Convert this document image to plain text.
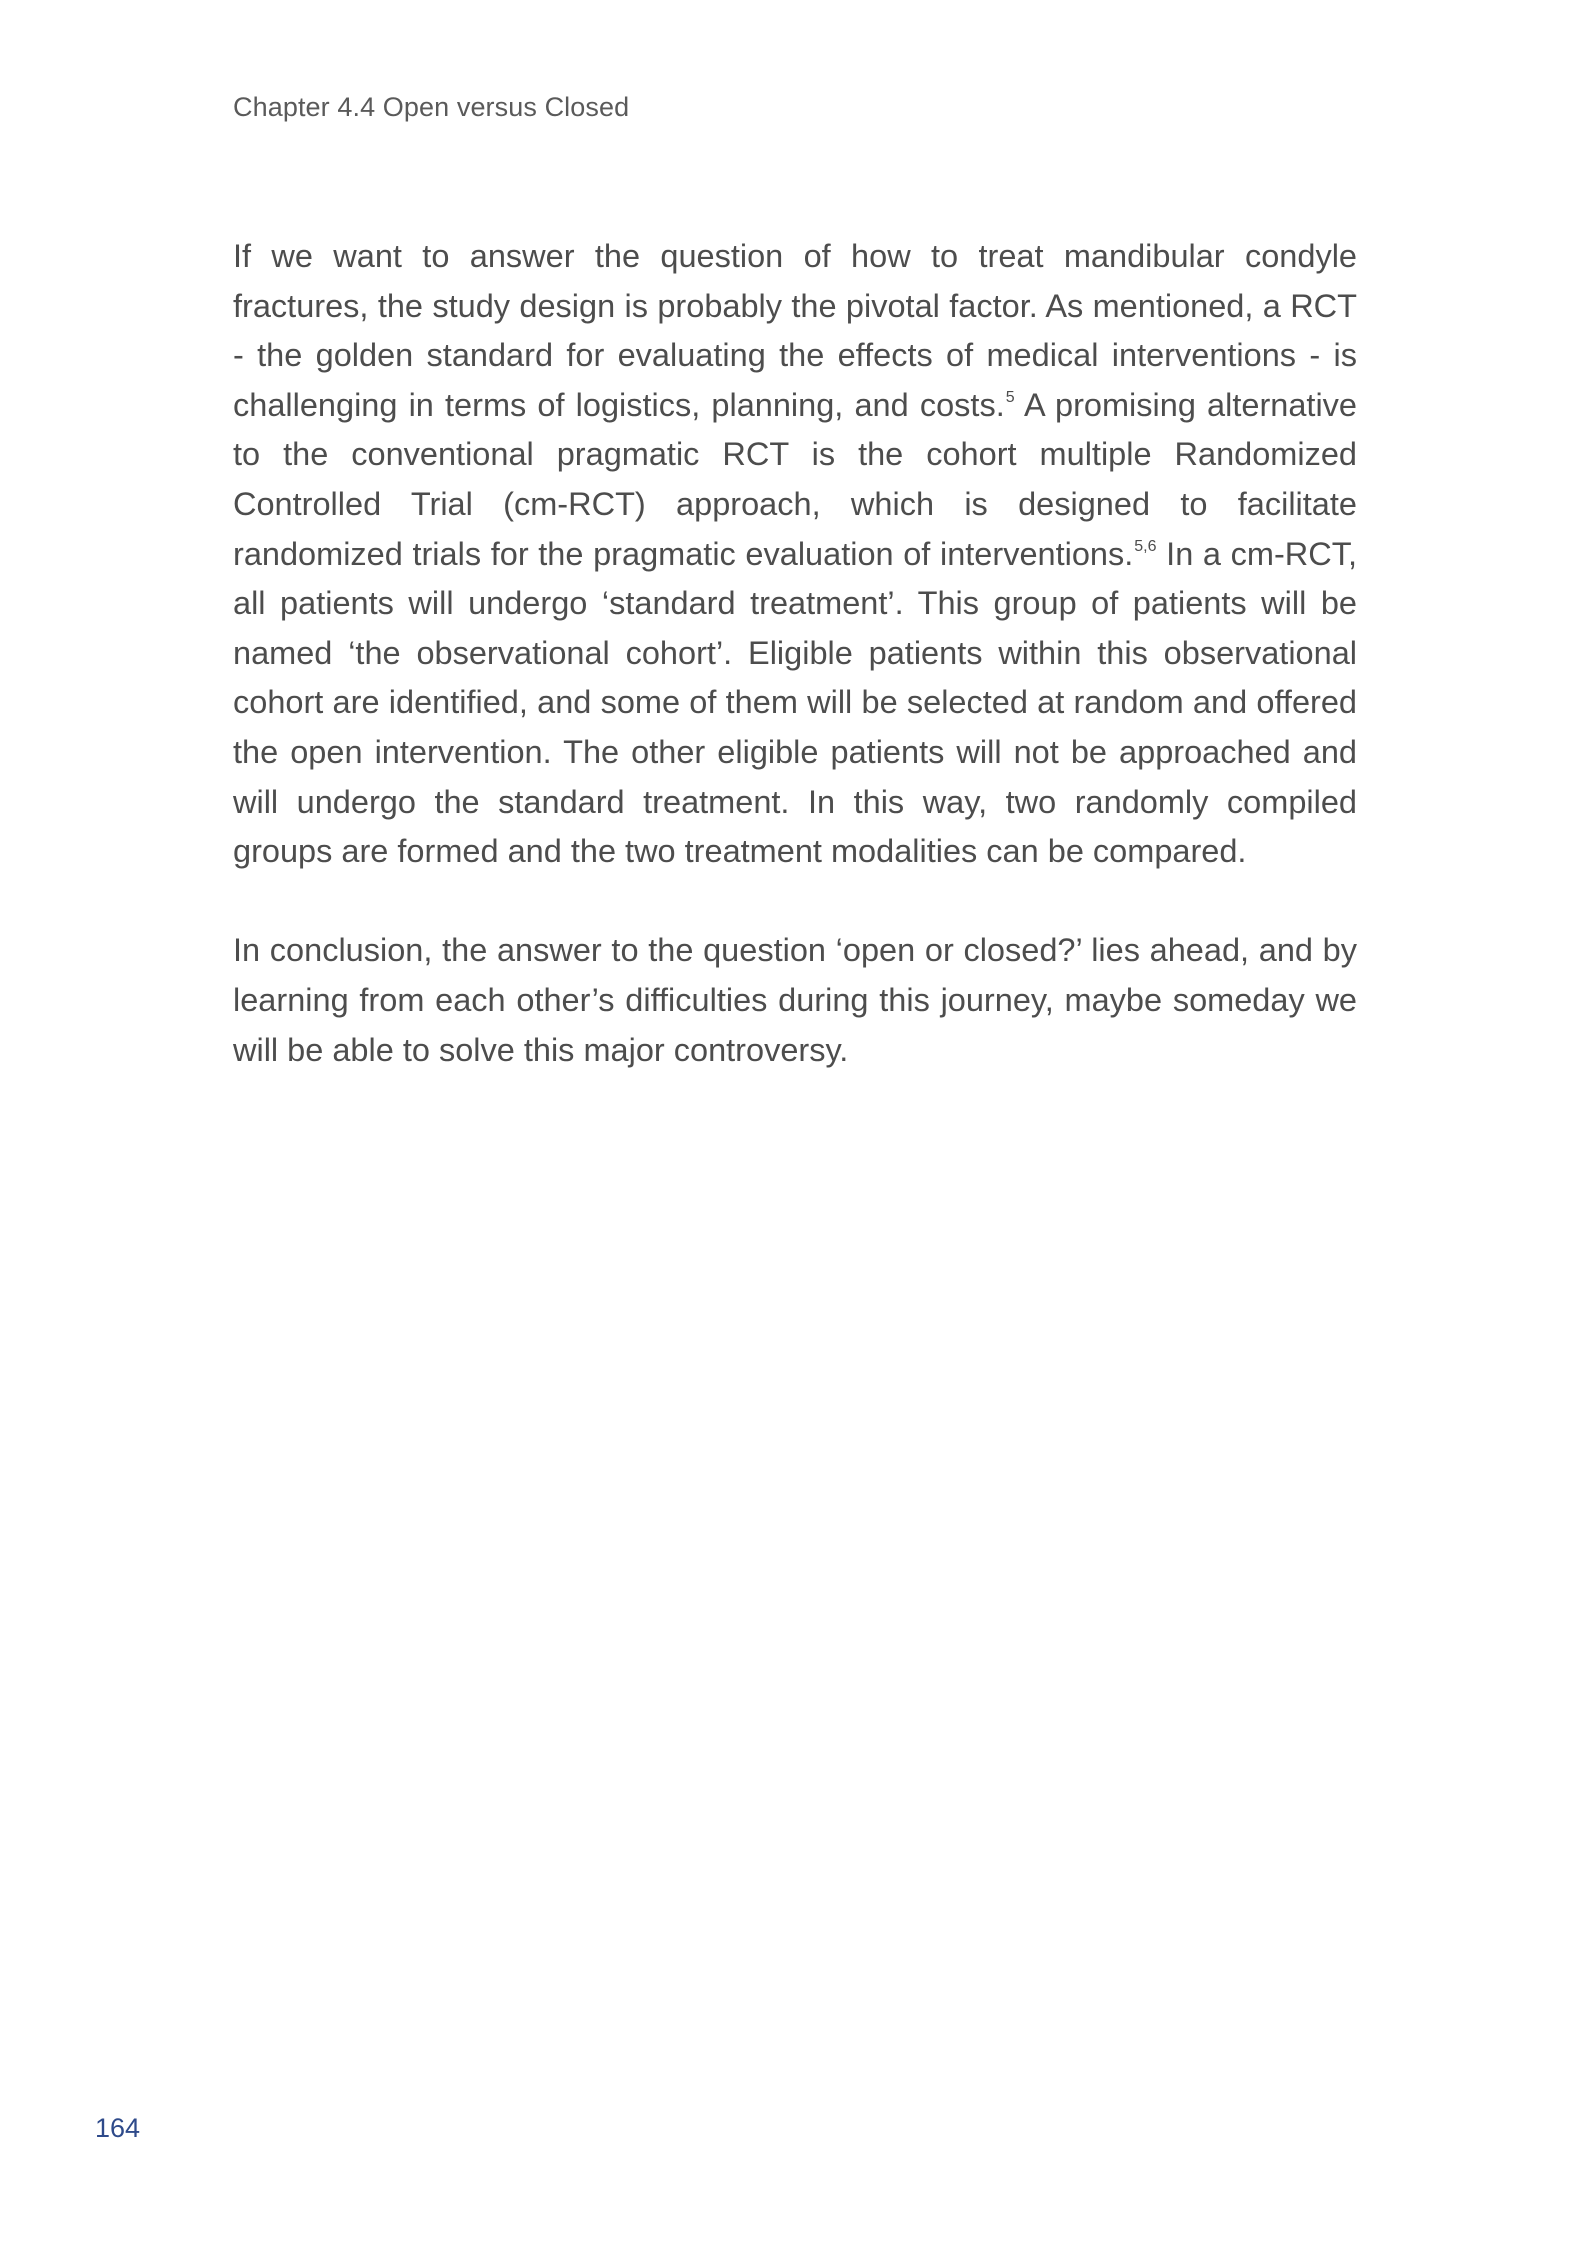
Chapter 4.4 Open versus Closed

If we want to answer the question of how to treat mandibular condyle fractures, the study design is probably the pivotal factor. As mentioned, a RCT - the golden standard for evaluating the effects of medical interventions - is challenging in terms of logistics, planning, and costs.$^5$ A promising alternative to the conventional pragmatic RCT is the cohort multiple Randomized Controlled Trial (cm-RCT) approach, which is designed to facilitate randomized trials for the pragmatic evaluation of interventions.$^{5,6}$ In a cm-RCT, all patients will undergo ‘standard treatment’. This group of patients will be named ‘the observational cohort’. Eligible patients within this observational cohort are identified, and some of them will be selected at random and offered the open intervention. The other eligible patients will not be approached and will undergo the standard treatment. In this way, two randomly compiled groups are formed and the two treatment modalities can be compared.

In conclusion, the answer to the question ‘open or closed?’ lies ahead, and by learning from each other’s difficulties during this journey, maybe someday we will be able to solve this major controversy.

164
